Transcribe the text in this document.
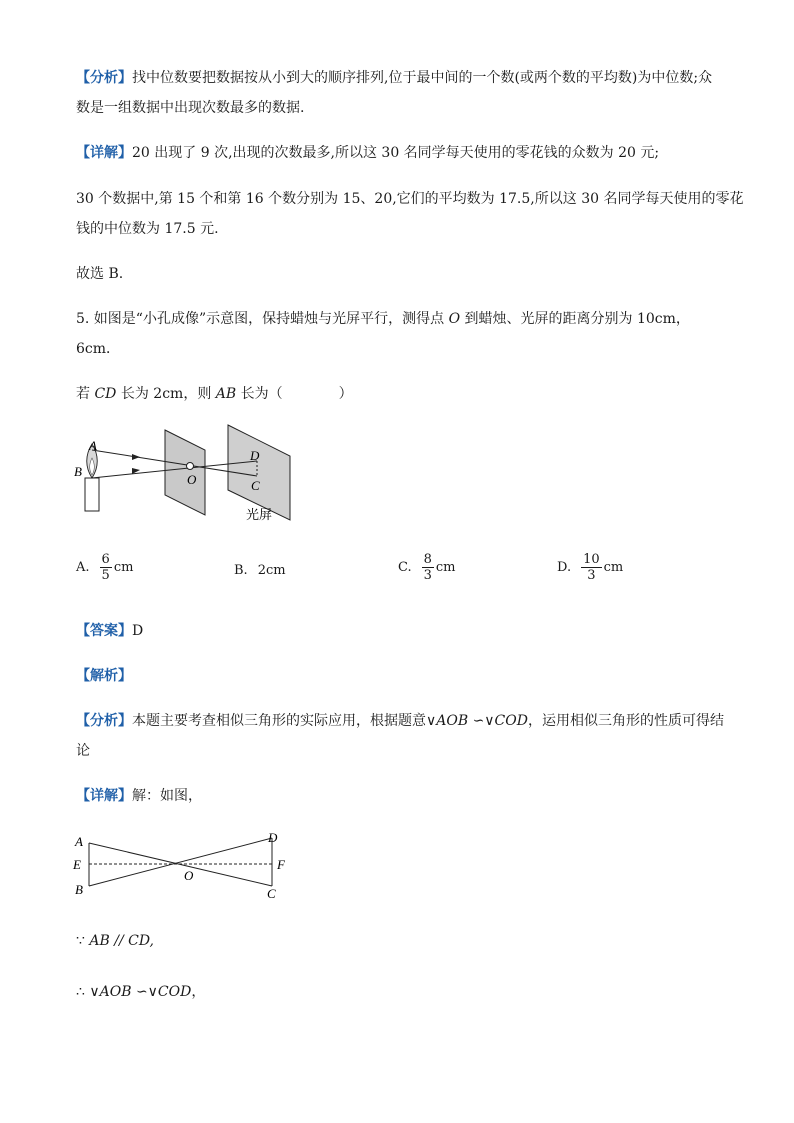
【分析】找中位数要把数据按从小到大的顺序排列,位于最中间的一个数(或两个数的平均数)为中位数;众
数是一组数据中出现次数最多的数据.
【详解】20 出现了 9 次,出现的次数最多,所以这 30 名同学每天使用的零花钱的众数为 20 元;
30 个数据中,第 15 个和第 16 个数分别为 15、20,它们的平均数为 17.5,所以这 30 名同学每天使用的零花
钱的中位数为 17.5 元.
故选 B.
5. 如图是“小孔成像”示意图，保持蜡烛与光屏平行，测得点 O 到蜡烛、光屏的距离分别为 10cm，
6cm．
若 CD 长为 2cm，则 AB 长为（　　　　）
A
B
O
D
C
光屏
A. $\frac{6}{5}$ cm	B. 2cm	C. $\frac{8}{3}$ cm	D. $\frac{10}{3}$ cm
【答案】D
【解析】
【分析】本题主要考查相似三角形的实际应用，根据题意∨AOB ∽∨COD，运用相似三角形的性质可得结
论
【详解】解：如图，
A
E
B
O
D
F
C
∵ AB // CD,
∴ ∨AOB ∽∨COD，
